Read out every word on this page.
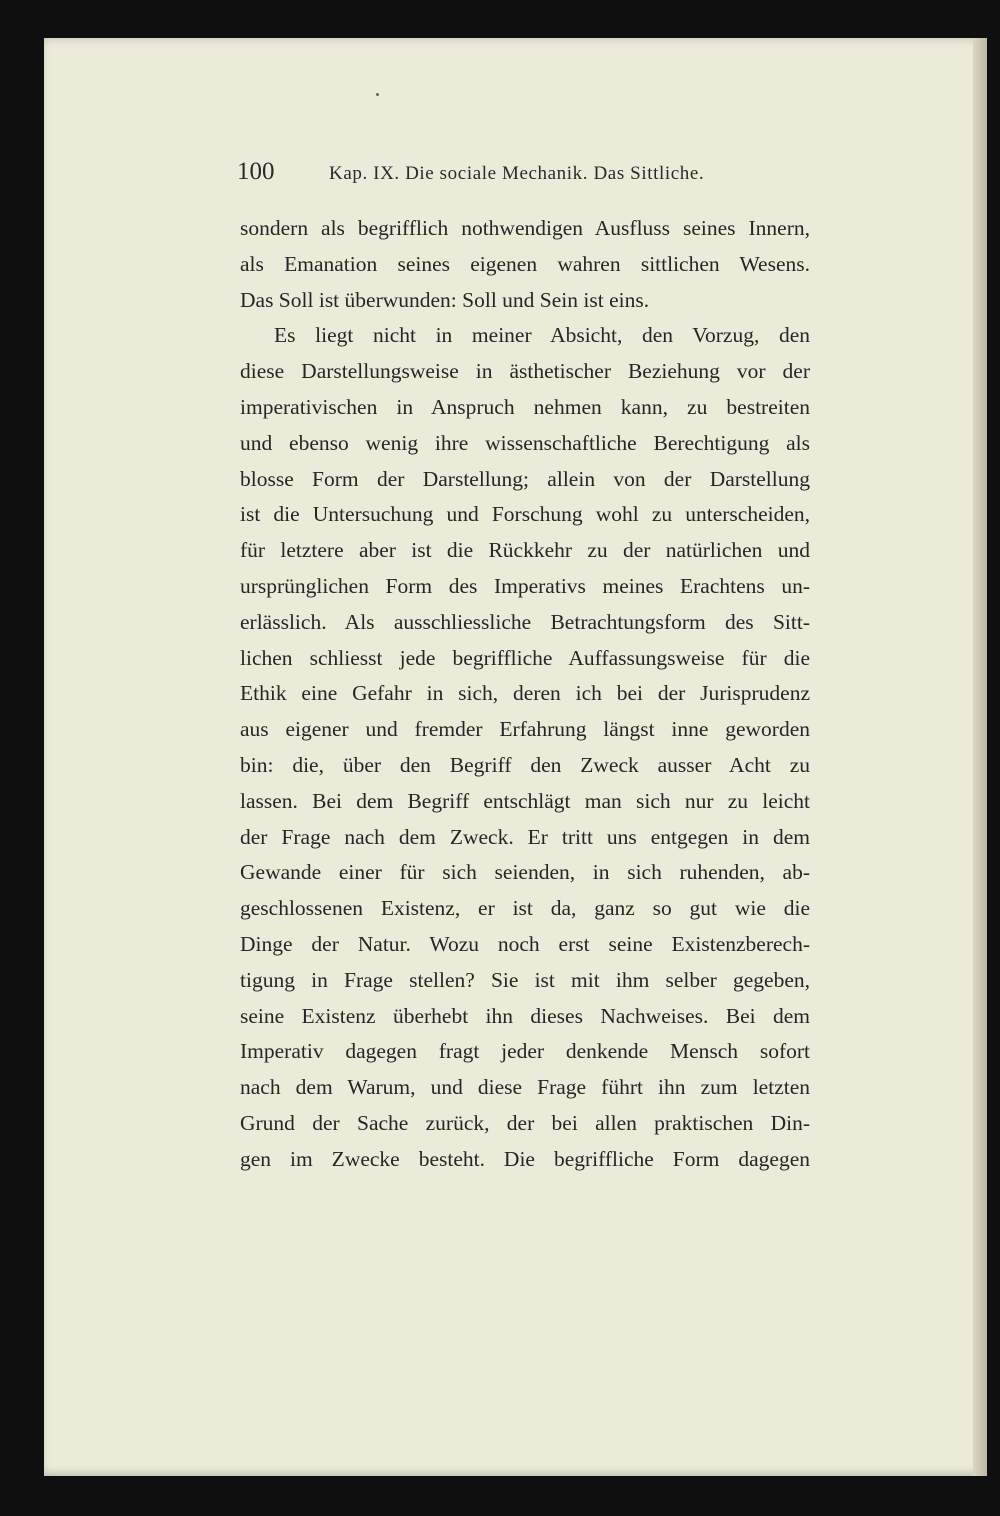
100	Kap. IX. Die sociale Mechanik. Das Sittliche.
sondern als begrifflich nothwendigen Ausfluss seines Innern,
als Emanation seines eigenen wahren sittlichen Wesens.
Das Soll ist überwunden: Soll und Sein ist eins.
Es liegt nicht in meiner Absicht, den Vorzug, den
diese Darstellungsweise in ästhetischer Beziehung vor der
imperativischen in Anspruch nehmen kann, zu bestreiten
und ebenso wenig ihre wissenschaftliche Berechtigung als
blosse Form der Darstellung; allein von der Darstellung
ist die Untersuchung und Forschung wohl zu unterscheiden,
für letztere aber ist die Rückkehr zu der natürlichen und
ursprünglichen Form des Imperativs meines Erachtens un-
erlässlich. Als ausschliessliche Betrachtungsform des Sitt-
lichen schliesst jede begriffliche Auffassungsweise für die
Ethik eine Gefahr in sich, deren ich bei der Jurisprudenz
aus eigener und fremder Erfahrung längst inne geworden
bin: die, über den Begriff den Zweck ausser Acht zu
lassen. Bei dem Begriff entschlägt man sich nur zu leicht
der Frage nach dem Zweck. Er tritt uns entgegen in dem
Gewande einer für sich seienden, in sich ruhenden, ab-
geschlossenen Existenz, er ist da, ganz so gut wie die
Dinge der Natur. Wozu noch erst seine Existenzberech-
tigung in Frage stellen? Sie ist mit ihm selber gegeben,
seine Existenz überhebt ihn dieses Nachweises. Bei dem
Imperativ dagegen fragt jeder denkende Mensch sofort
nach dem Warum, und diese Frage führt ihn zum letzten
Grund der Sache zurück, der bei allen praktischen Din-
gen im Zwecke besteht. Die begriffliche Form dagegen
